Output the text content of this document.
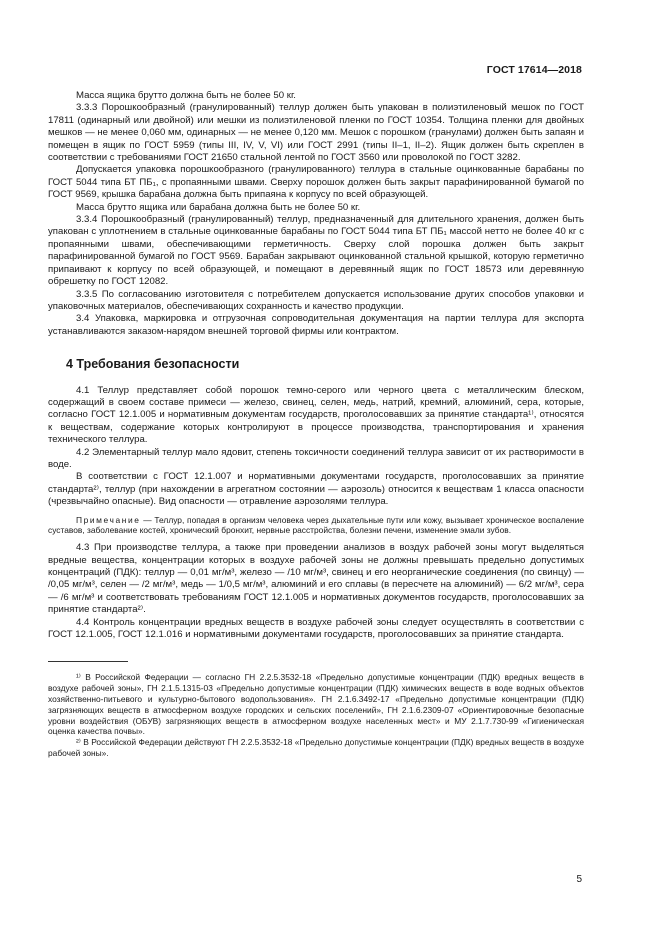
ГОСТ 17614—2018

Масса ящика брутто должна быть не более 50 кг.

3.3.3 Порошкообразный (гранулированный) теллур должен быть упакован в полиэтиленовый мешок по ГОСТ 17811 (одинарный или двойной) или мешки из полиэтиленовой пленки по ГОСТ 10354. Толщина пленки для двойных мешков — не менее 0,060 мм, одинарных — не менее 0,120 мм. Мешок с порошком (гранулами) должен быть запаян и помещен в ящик по ГОСТ 5959 (типы III, IV, V, VI) или ГОСТ 2991 (типы II–1, II–2). Ящик должен быть скреплен в соответствии с требованиями ГОСТ 21650 стальной лентой по ГОСТ 3560 или проволокой по ГОСТ 3282.

Допускается упаковка порошкообразного (гранулированного) теллура в стальные оцинкованные барабаны по ГОСТ 5044 типа БТ ПБ₁, с пропаянными швами. Сверху порошок должен быть закрыт парафинированной бумагой по ГОСТ 9569, крышка барабана должна быть припаяна к корпусу по всей образующей.

Масса брутто ящика или барабана должна быть не более 50 кг.

3.3.4 Порошкообразный (гранулированный) теллур, предназначенный для длительного хранения, должен быть упакован с уплотнением в стальные оцинкованные барабаны по ГОСТ 5044 типа БТ ПБ₁ массой нетто не более 40 кг с пропаянными швами, обеспечивающими герметичность. Сверху слой порошка должен быть закрыт парафинированной бумагой по ГОСТ 9569. Барабан закрывают оцинкованной стальной крышкой, которую герметично припаивают к корпусу по всей образующей, и помещают в деревянный ящик по ГОСТ 18573 или деревянную обрешетку по ГОСТ 12082.

3.3.5 По согласованию изготовителя с потребителем допускается использование других способов упаковки и упаковочных материалов, обеспечивающих сохранность и качество продукции.

3.4 Упаковка, маркировка и отгрузочная сопроводительная документация на партии теллура для экспорта устанавливаются заказом-нарядом внешней торговой фирмы или контрактом.

4 Требования безопасности

4.1 Теллур представляет собой порошок темно-серого или черного цвета с металлическим блеском, содержащий в своем составе примеси — железо, свинец, селен, медь, натрий, кремний, алюминий, сера, которые, согласно ГОСТ 12.1.005 и нормативным документам государств, проголосовавших за принятие стандарта¹⁾, относятся к веществам, содержание которых контролируют в процессе производства, транспортирования и хранения технического теллура.

4.2 Элементарный теллур мало ядовит, степень токсичности соединений теллура зависит от их растворимости в воде.

В соответствии с ГОСТ 12.1.007 и нормативными документами государств, проголосовавших за принятие стандарта²⁾, теллур (при нахождении в агрегатном состоянии — аэрозоль) относится к веществам 1 класса опасности (чрезвычайно опасные). Вид опасности — отравление аэрозолями теллура.

Примечание — Теллур, попадая в организм человека через дыхательные пути или кожу, вызывает хроническое воспаление суставов, заболевание костей, хронический бронхит, нервные расстройства, болезни печени, изменение эмали зубов.

4.3 При производстве теллура, а также при проведении анализов в воздух рабочей зоны могут выделяться вредные вещества, концентрации которых в воздухе рабочей зоны не должны превышать предельно допустимых концентраций (ПДК): теллур — 0,01 мг/м³, железо — /10 мг/м³, свинец и его неорганические соединения (по свинцу) — /0,05 мг/м³, селен — /2 мг/м³, медь — 1/0,5 мг/м³, алюминий и его сплавы (в пересчете на алюминий) — 6/2 мг/м³, сера — /6 мг/м³ и соответствовать требованиям ГОСТ 12.1.005 и нормативных документов государств, проголосовавших за принятие стандарта²⁾.

4.4 Контроль концентрации вредных веществ в воздухе рабочей зоны следует осуществлять в соответствии с ГОСТ 12.1.005, ГОСТ 12.1.016 и нормативными документами государств, проголосовавших за принятие стандарта.

¹⁾ В Российской Федерации — согласно ГН 2.2.5.3532-18 «Предельно допустимые концентрации (ПДК) вредных веществ в воздухе рабочей зоны», ГН 2.1.5.1315-03 «Предельно допустимые концентрации (ПДК) химических веществ в воде водных объектов хозяйственно-питьевого и культурно-бытового водопользования». ГН 2.1.6.3492-17 «Предельно допустимые концентрации (ПДК) загрязняющих веществ в атмосферном воздухе городских и сельских поселений», ГН 2.1.6.2309-07 «Ориентировочные безопасные уровни воздействия (ОБУВ) загрязняющих веществ в атмосферном воздухе населенных мест» и МУ 2.1.7.730-99 «Гигиеническая оценка качества почвы».

²⁾ В Российской Федерации действуют ГН 2.2.5.3532-18 «Предельно допустимые концентрации (ПДК) вредных веществ в воздухе рабочей зоны».

5
